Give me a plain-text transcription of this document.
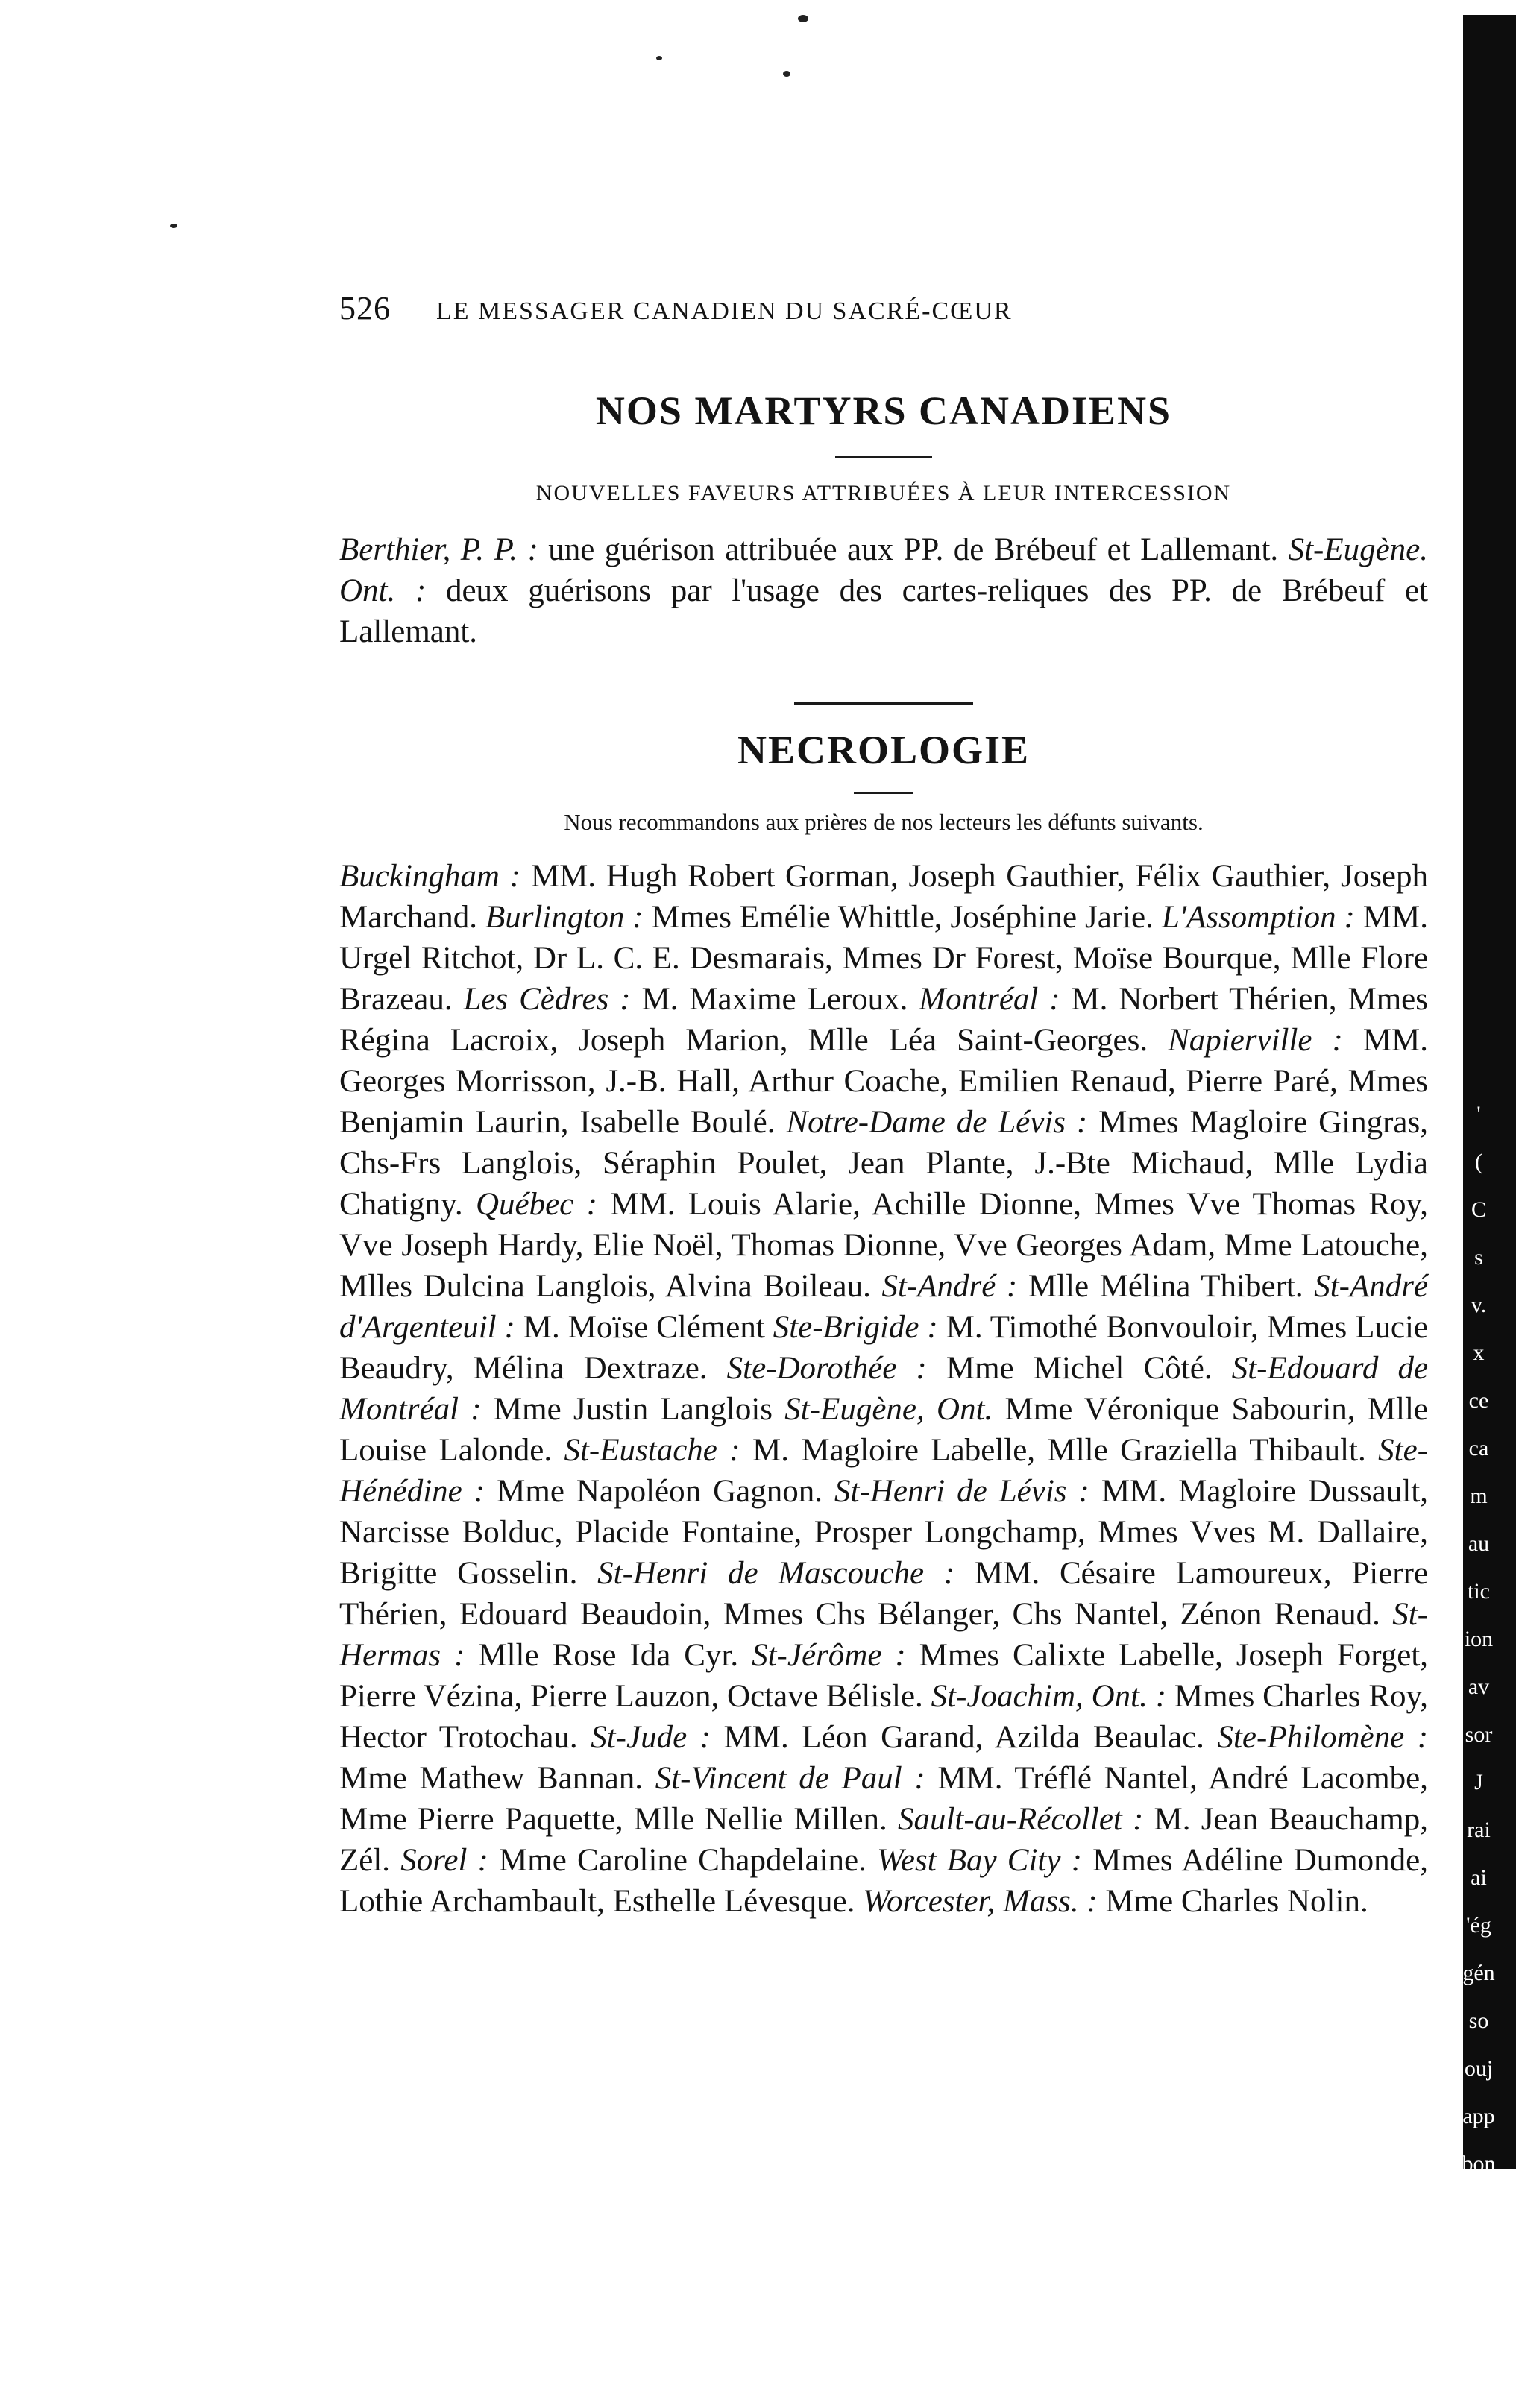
'
(
C
s
v.
x
ce
ca
m
au
tic
ion
av
sor
J
rai
ai
'ég
gén
so
ouj
app
bon
ti-c
526 LE MESSAGER CANADIEN DU SACRÉ-CŒUR
NOS MARTYRS CANADIENS
NOUVELLES FAVEURS ATTRIBUÉES À LEUR INTERCESSION
Berthier, P. P. : une guérison attribuée aux PP. de Brébeuf et Lallemant. St-Eugène. Ont. : deux guérisons par l'usage des cartes-reliques des PP. de Brébeuf et Lallemant.
NECROLOGIE
Nous recommandons aux prières de nos lecteurs les défunts suivants.
Buckingham : MM. Hugh Robert Gorman, Joseph Gauthier, Félix Gauthier, Joseph Marchand. Burlington : Mmes Emélie Whittle, Joséphine Jarie. L'Assomption : MM. Urgel Ritchot, Dr L. C. E. Desmarais, Mmes Dr Forest, Moïse Bourque, Mlle Flore Brazeau. Les Cèdres : M. Maxime Leroux. Montréal : M. Norbert Thérien, Mmes Régina Lacroix, Joseph Marion, Mlle Léa Saint-Georges. Napierville : MM. Georges Morrisson, J.-B. Hall, Arthur Coache, Emilien Renaud, Pierre Paré, Mmes Benjamin Laurin, Isabelle Boulé. Notre-Dame de Lévis : Mmes Magloire Gingras, Chs-Frs Langlois, Séraphin Poulet, Jean Plante, J.-Bte Michaud, Mlle Lydia Chatigny. Québec : MM. Louis Alarie, Achille Dionne, Mmes Vve Thomas Roy, Vve Joseph Hardy, Elie Noël, Thomas Dionne, Vve Georges Adam, Mme Latouche, Mlles Dulcina Langlois, Alvina Boileau. St-André : Mlle Mélina Thibert. St-André d'Argenteuil : M. Moïse Clément Ste-Brigide : M. Timothé Bonvouloir, Mmes Lucie Beaudry, Mélina Dextraze. Ste-Dorothée : Mme Michel Côté. St-Edouard de Montréal : Mme Justin Langlois St-Eugène, Ont. Mme Véronique Sabourin, Mlle Louise Lalonde. St-Eustache : M. Magloire Labelle, Mlle Graziella Thibault. Ste-Hénédine : Mme Napoléon Gagnon. St-Henri de Lévis : MM. Magloire Dussault, Narcisse Bolduc, Placide Fontaine, Prosper Longchamp, Mmes Vves M. Dallaire, Brigitte Gosselin. St-Henri de Mascouche : MM. Césaire Lamoureux, Pierre Thérien, Edouard Beaudoin, Mmes Chs Bélanger, Chs Nantel, Zénon Renaud. St-Hermas : Mlle Rose Ida Cyr. St-Jérôme : Mmes Calixte Labelle, Joseph Forget, Pierre Vézina, Pierre Lauzon, Octave Bélisle. St-Joachim, Ont. : Mmes Charles Roy, Hector Trotochau. St-Jude : MM. Léon Garand, Azilda Beaulac. Ste-Philomène : Mme Mathew Bannan. St-Vincent de Paul : MM. Tréflé Nantel, André Lacombe, Mme Pierre Paquette, Mlle Nellie Millen. Sault-au-Récollet : M. Jean Beauchamp, Zél. Sorel : Mme Caroline Chapdelaine. West Bay City : Mmes Adéline Dumonde, Lothie Archambault, Esthelle Lévesque. Worcester, Mass. : Mme Charles Nolin.
